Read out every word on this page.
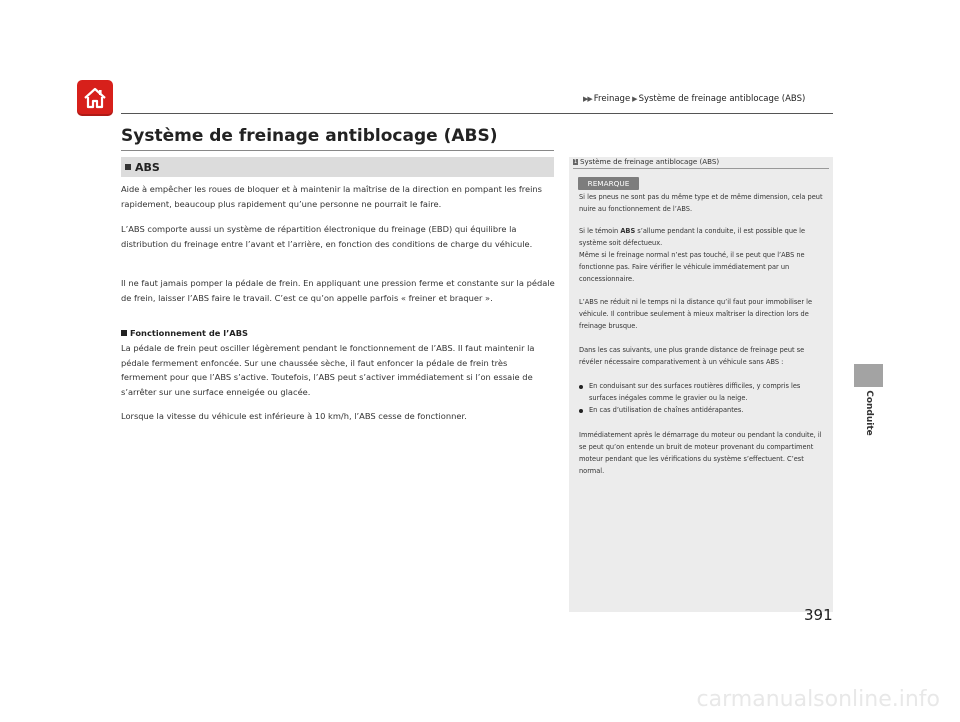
▶▶ Freinage ▶ Système de freinage antiblocage (ABS)
Système de freinage antiblocage (ABS)
ABS

Aide à empêcher les roues de bloquer et à maintenir la maîtrise de la direction en pompant les freins rapidement, beaucoup plus rapidement qu’une personne ne pourrait le faire.

L’ABS comporte aussi un système de répartition électronique du freinage (EBD) qui équilibre la distribution du freinage entre l’avant et l’arrière, en fonction des conditions de charge du véhicule.

Il ne faut jamais pomper la pédale de frein. En appliquant une pression ferme et constante sur la pédale de frein, laisser l’ABS faire le travail. C’est ce qu’on appelle parfois « freiner et braquer ».

Fonctionnement de l’ABS

La pédale de frein peut osciller légèrement pendant le fonctionnement de l’ABS. Il faut maintenir la pédale fermement enfoncée. Sur une chaussée sèche, il faut enfoncer la pédale de frein très fermement pour que l’ABS s’active. Toutefois, l’ABS peut s’activer immédiatement si l’on essaie de s’arrêter sur une surface enneigée ou glacée.

Lorsque la vitesse du véhicule est inférieure à 10 km/h, l’ABS cesse de fonctionner.

1 Système de freinage antiblocage (ABS)
REMARQUE

Si les pneus ne sont pas du même type et de même dimension, cela peut nuire au fonctionnement de l’ABS.

Si le témoin ABS s’allume pendant la conduite, il est possible que le système soit défectueux.

Même si le freinage normal n’est pas touché, il se peut que l’ABS ne fonctionne pas. Faire vérifier le véhicule immédiatement par un concessionnaire.

L’ABS ne réduit ni le temps ni la distance qu’il faut pour immobiliser le véhicule. Il contribue seulement à mieux maîtriser la direction lors de freinage brusque.

Dans les cas suivants, une plus grande distance de freinage peut se révéler nécessaire comparativement à un véhicule sans ABS :

En conduisant sur des surfaces routières difficiles, y compris les surfaces inégales comme le gravier ou la neige.
En cas d’utilisation de chaînes antidérapantes.

Immédiatement après le démarrage du moteur ou pendant la conduite, il se peut qu’on entende un bruit de moteur provenant du compartiment moteur pendant que les vérifications du système s’effectuent. C’est normal.

Conduite
391
carmanualsonline.info
